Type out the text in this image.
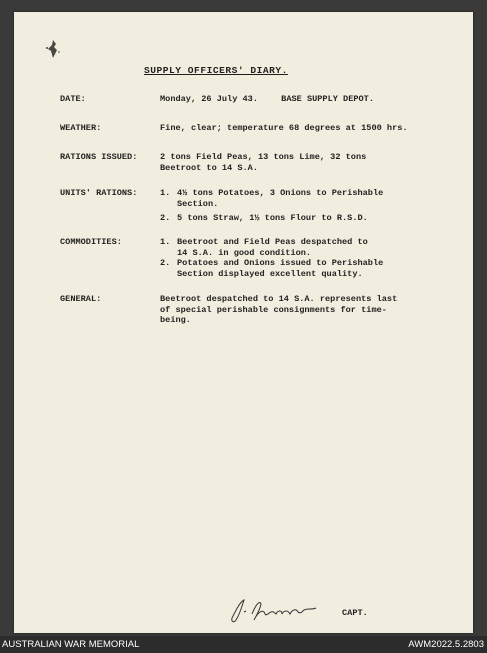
SUPPLY OFFICERS' DIARY.
DATE:	Monday, 26 July 43.	BASE SUPPLY DEPOT.
WEATHER:	Fine, clear; temperature 68 degrees at 1500 hrs.
RATIONS ISSUED:	2 tons Field Peas, 13 tons Lime, 32 tons
Beetroot to 14 S.A.
UNITS' RATIONS:	1. 4½ tons Potatoes, 3 Onions to Perishable
Section.
2. 5 tons Straw, 1½ tons Flour to R.S.D.
COMMODITIES:	1. Beetroot and Field Peas despatched to
14 S.A. in good condition.
2. Potatoes and Onions issued to Perishable
Section displayed excellent quality.
GENERAL:	Beetroot despatched to 14 S.A. represents last
of special perishable consignments for time-
being.
CAPT.
AUSTRALIAN WAR MEMORIAL	AWM2022.5.2803
